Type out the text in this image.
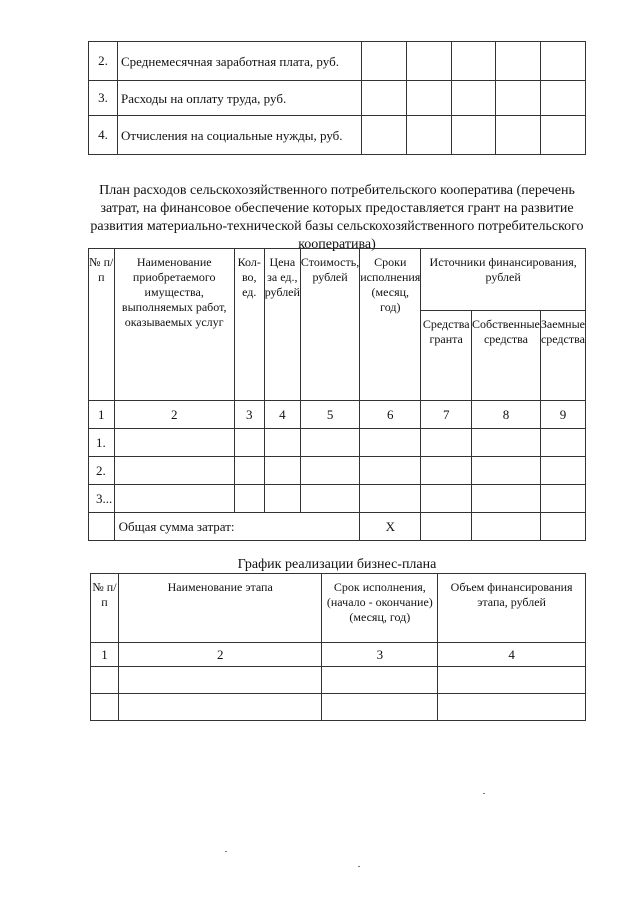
2.	Среднемесячная заработная плата, руб.					
3.	Расходы на оплату труда, руб.					
4.	Отчисления на социальные нужды, руб.					
План расходов сельскохозяйственного потребительского кооператива (перечень затрат, на финансовое обеспечение которых предоставляется грант на развитие развития материально-технической базы сельскохозяйственного потребительского кооператива)
№ п/п	Наименование приобретаемого имущества, выполняемых работ, оказываемых услуг	Кол-во, ед.	Цена за ед., рублей	Стоимость, рублей	Сроки исполнения (месяц, год)	Источники финансирования, рублей		
						Средства гранта	Собственные средства	Заемные средства
1	2	3	4	5	6	7	8	9
1.								
2.								
3...								
	Общая сумма затрат:				X			
График реализации бизнес-плана
№ п/п	Наименование этапа	Срок исполнения, (начало - окончание) (месяц, год)	Объем финансирования этапа, рублей
1	2	3	4
